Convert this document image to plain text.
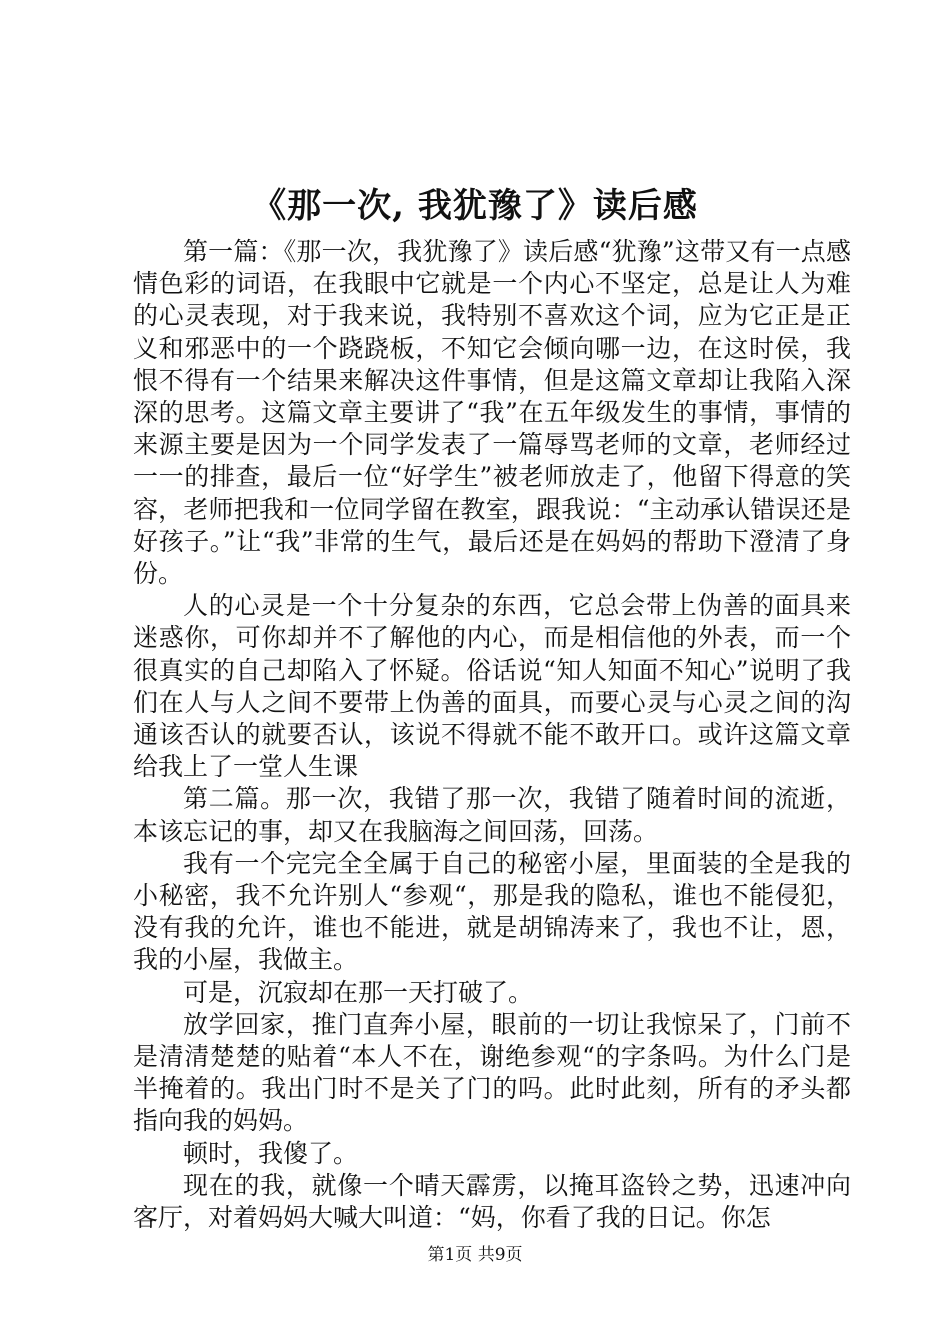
《那一次, 我犹豫了》读后感

第一篇：《那一次，我犹豫了》读后感“犹豫”这带又有一点感情色彩的词语，在我眼中它就是一个内心不坚定，总是让人为难的心灵表现，对于我来说，我特别不喜欢这个词，应为它正是正义和邪恶中的一个跷跷板，不知它会倾向哪一边，在这时侯，我恨不得有一个结果来解决这件事情，但是这篇文章却让我陷入深深的思考。这篇文章主要讲了“我”在五年级发生的事情，事情的来源主要是因为一个同学发表了一篇辱骂老师的文章，老师经过一一的排查，最后一位“好学生”被老师放走了，他留下得意的笑容，老师把我和一位同学留在教室，跟我说：“主动承认错误还是好孩子。”让“我”非常的生气，最后还是在妈妈的帮助下澄清了身份。

人的心灵是一个十分复杂的东西，它总会带上伪善的面具来迷惑你，可你却并不了解他的内心，而是相信他的外表，而一个很真实的自己却陷入了怀疑。俗话说“知人知面不知心”说明了我们在人与人之间不要带上伪善的面具，而要心灵与心灵之间的沟通该否认的就要否认，该说不得就不能不敢开口。或许这篇文章给我上了一堂人生课

第二篇。那一次，我错了那一次，我错了随着时间的流逝，本该忘记的事，却又在我脑海之间回荡，回荡。

我有一个完完全全属于自己的秘密小屋，里面装的全是我的小秘密，我不允许别人“参观“，那是我的隐私，谁也不能侵犯，没有我的允许，谁也不能进，就是胡锦涛来了，我也不让，恩，我的小屋，我做主。

可是，沉寂却在那一天打破了。

放学回家，推门直奔小屋，眼前的一切让我惊呆了，门前不是清清楚楚的贴着“本人不在，谢绝参观“的字条吗。为什么门是半掩着的。我出门时不是关了门的吗。此时此刻，所有的矛头都指向我的妈妈。

顿时，我傻了。

现在的我，就像一个晴天霹雳，以掩耳盗铃之势，迅速冲向客厅，对着妈妈大喊大叫道：“妈，你看了我的日记。你怎

第1页 共9页
